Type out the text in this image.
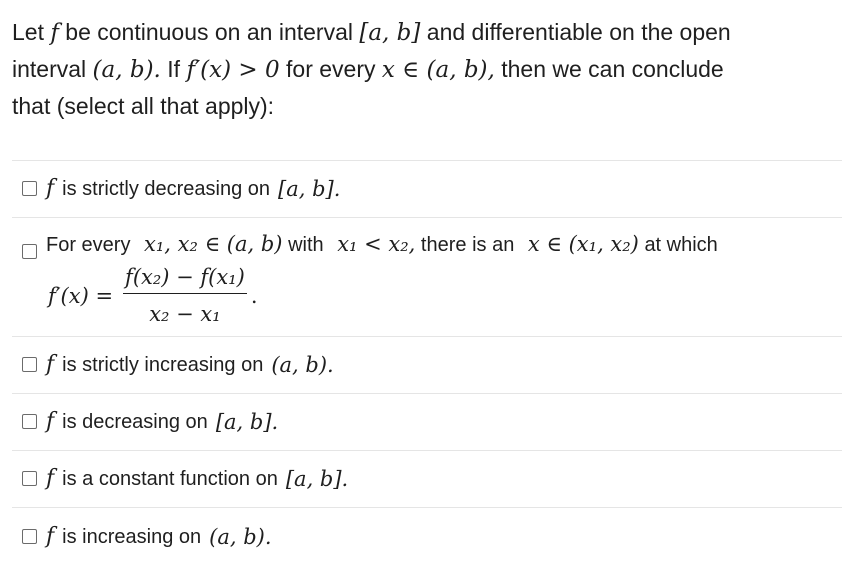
Let f be continuous on an interval [a, b] and differentiable on the open
interval (a, b). If f′(x) > 0 for every x ∈ (a, b), then we can conclude
that (select all that apply):
f is strictly decreasing on [a, b].
For every x₁, x₂ ∈ (a, b) with x₁ < x₂, there is an x ∈ (x₁, x₂) at which
$f'(x) = \frac{\text{f(x₂) − f(x₁)}}{\text{x₂ − x₁}}$ .
f is strictly increasing on (a, b).
f is decreasing on [a, b].
f is a constant function on [a, b].
f is increasing on (a, b).
